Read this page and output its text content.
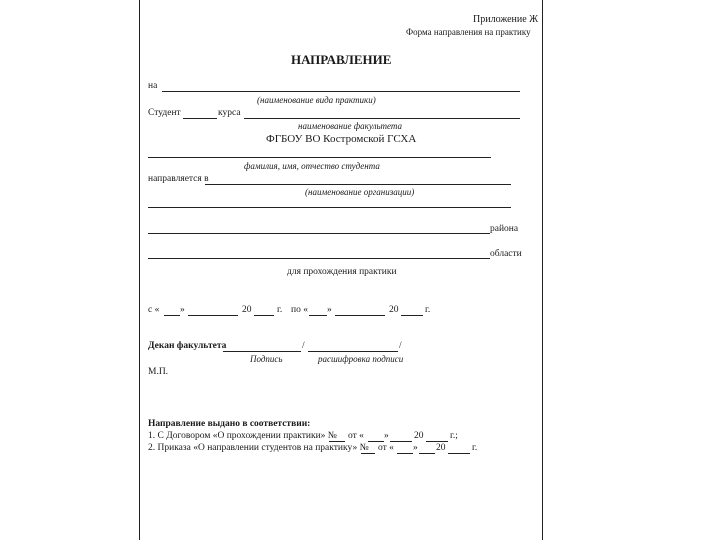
Приложение Ж
Форма направления на практику
НАПРАВЛЕНИЕ
на
(наименование вида практики)
Студент	курса
наименование факультета
ФГБОУ ВО Костромской ГСХА
фамилия, имя, отчество студента
направляется в
(наименование организации)
района
области
для прохождения практики
с « »	20	г. по « »	20	г.
Декан факультета	/	/
Подпись	расшифровка подписи
М.П.
Направление выдано в соответствии:
1. С Договором «О прохождении практики» № от « »	20	г.;
2. Приказа «О направлении студентов на практику» № от « » 20	г.
